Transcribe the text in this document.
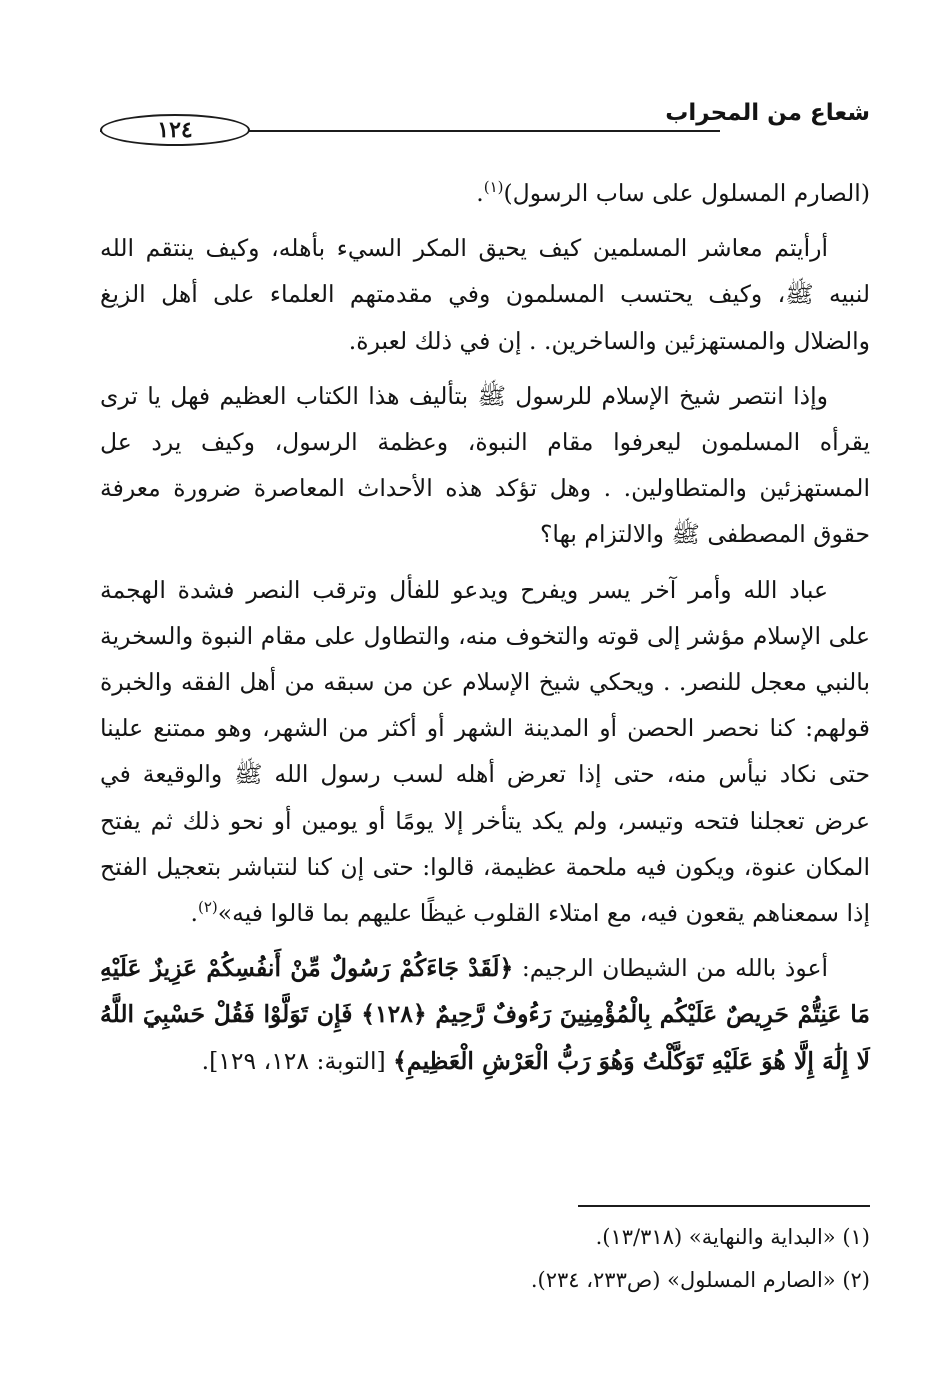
شعاع من المحراب
١٢٤

(الصارم المسلول على ساب الرسول)$^{(١)}$.

أرأيتم معاشر المسلمين كيف يحيق المكر السيء بأهله، وكيف ينتقم الله لنبيه ﷺ، وكيف يحتسب المسلمون وفي مقدمتهم العلماء على أهل الزيغ والضلال والمستهزئين والساخرين. . إن في ذلك لعبرة.

وإذا انتصر شيخ الإسلام للرسول ﷺ بتأليف هذا الكتاب العظيم فهل يا ترى يقرأه المسلمون ليعرفوا مقام النبوة، وعظمة الرسول، وكيف يرد عل المستهزئين والمتطاولين. . وهل تؤكد هذه الأحداث المعاصرة ضرورة معرفة حقوق المصطفى ﷺ والالتزام بها؟

عباد الله وأمر آخر يسر ويفرح ويدعو للفأل وترقب النصر فشدة الهجمة على الإسلام مؤشر إلى قوته والتخوف منه، والتطاول على مقام النبوة والسخرية بالنبي معجل للنصر. . ويحكي شيخ الإسلام عن من سبقه من أهل الفقه والخبرة قولهم: كنا نحصر الحصن أو المدينة الشهر أو أكثر من الشهر، وهو ممتنع علينا حتى نكاد نيأس منه، حتى إذا تعرض أهله لسب رسول الله ﷺ والوقيعة في عرض تعجلنا فتحه وتيسر، ولم يكد يتأخر إلا يومًا أو يومين أو نحو ذلك ثم يفتح المكان عنوة، ويكون فيه ملحمة عظيمة، قالوا: حتى إن كنا لنتباشر بتعجيل الفتح إذا سمعناهم يقعون فيه، مع امتلاء القلوب غيظًا عليهم بما قالوا فيه»$^{(٢)}$.

أعوذ بالله من الشيطان الرجيم: ﴿لَقَدْ جَاءَكُمْ رَسُولٌ مِّنْ أَنفُسِكُمْ عَزِيزٌ عَلَيْهِ مَا عَنِتُّمْ حَرِيصٌ عَلَيْكُم بِالْمُؤْمِنِينَ رَءُوفٌ رَّحِيمٌ ﴿١٢٨﴾ فَإِن تَوَلَّوْا فَقُلْ حَسْبِيَ اللَّهُ لَا إِلَٰهَ إِلَّا هُوَ عَلَيْهِ تَوَكَّلْتُ وَهُوَ رَبُّ الْعَرْشِ الْعَظِيمِ﴾ [التوبة: ١٢٨، ١٢٩].

(١) «البداية والنهاية» (١٣/٣١٨).

(٢) «الصارم المسلول» (ص٢٣٣، ٢٣٤).
